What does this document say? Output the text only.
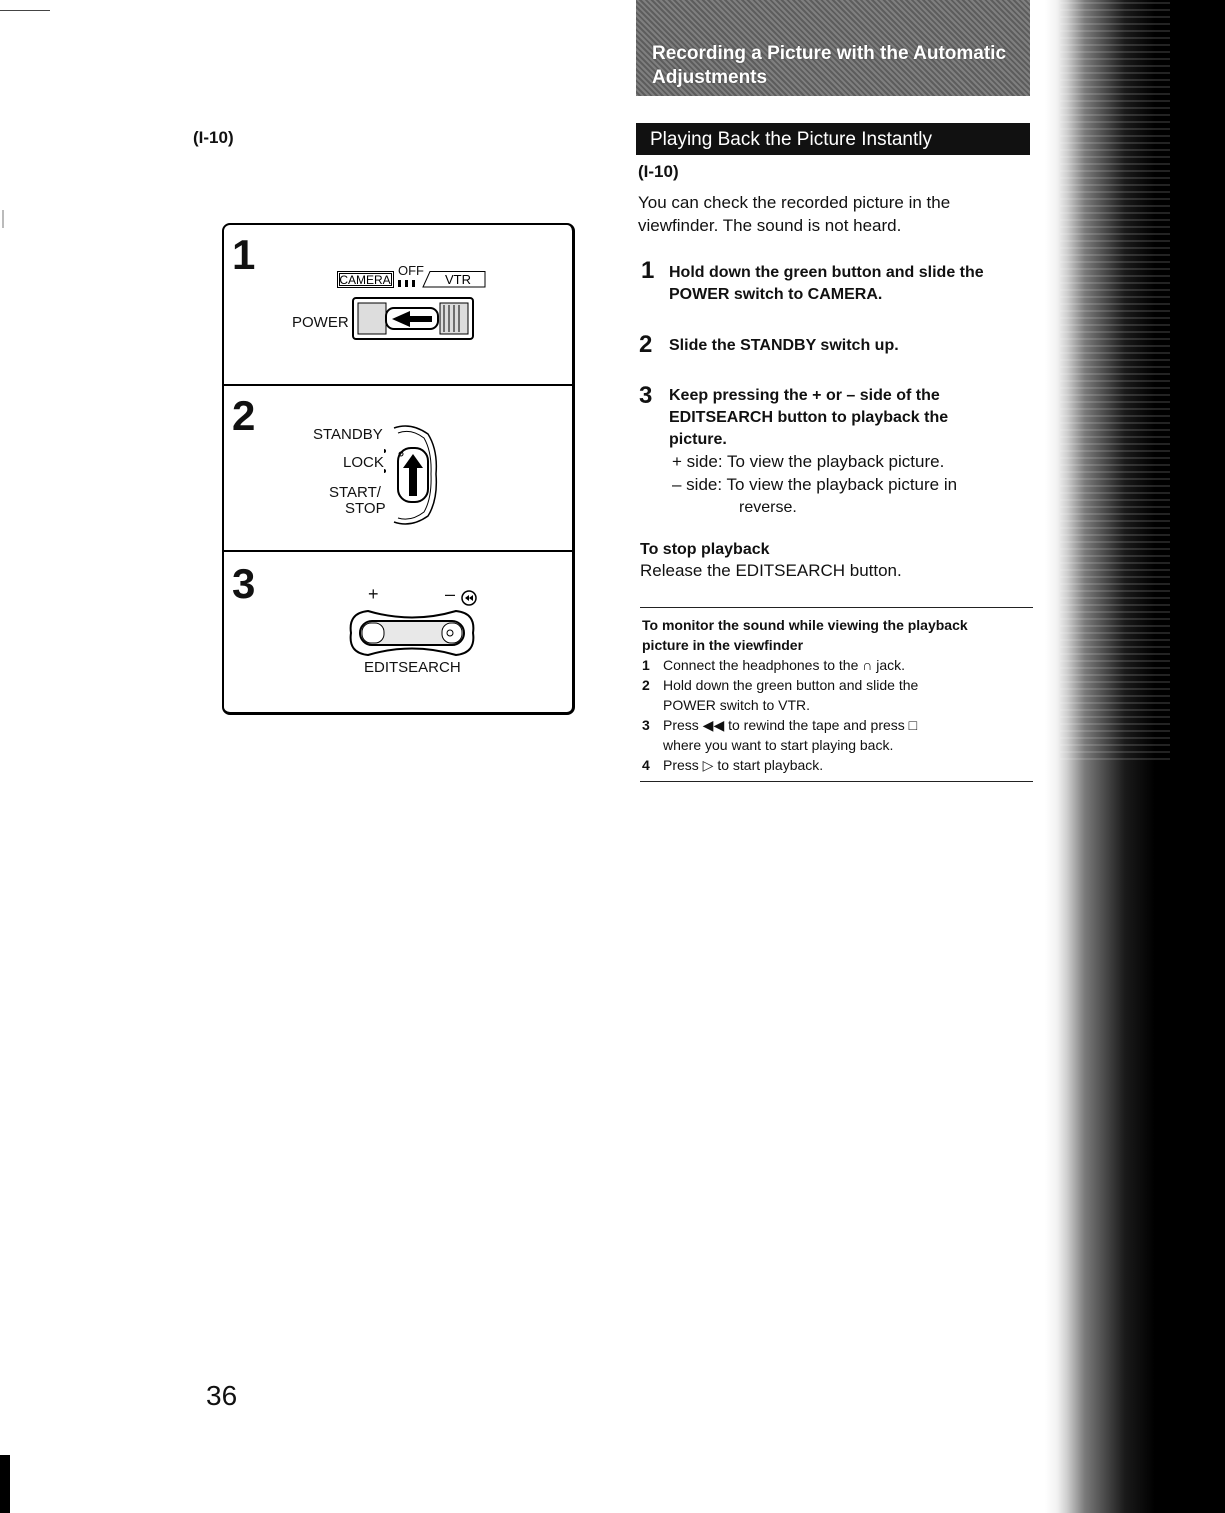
Recording a Picture with the Automatic
Adjustments
(I-10)	Playing Back the Picture Instantly
(I-10)
You can check the recorded picture in the
viewfinder. The sound is not heard.
1 Hold down the green button and slide the
POWER switch to CAMERA.
2 Slide the STANDBY switch up.
3 Keep pressing the + or – side of the
EDITSEARCH button to playback the
picture.
+ side: To view the playback picture.
– side: To view the playback picture in
reverse.
To stop playback
Release the EDITSEARCH button.
To monitor the sound while viewing the playback
picture in the viewfinder
1 Connect the headphones to the ∩ jack.
2 Hold down the green button and slide the
POWER switch to VTR.
3 Press ◀◀ to rewind the tape and press □
where you want to start playing back.
4 Press ▷ to start playback.
1
CAMERA	VTR
OFF
POWER
2	STANDBY
LOCK
START/
STOP
3	+	–
EDITSEARCH
36
